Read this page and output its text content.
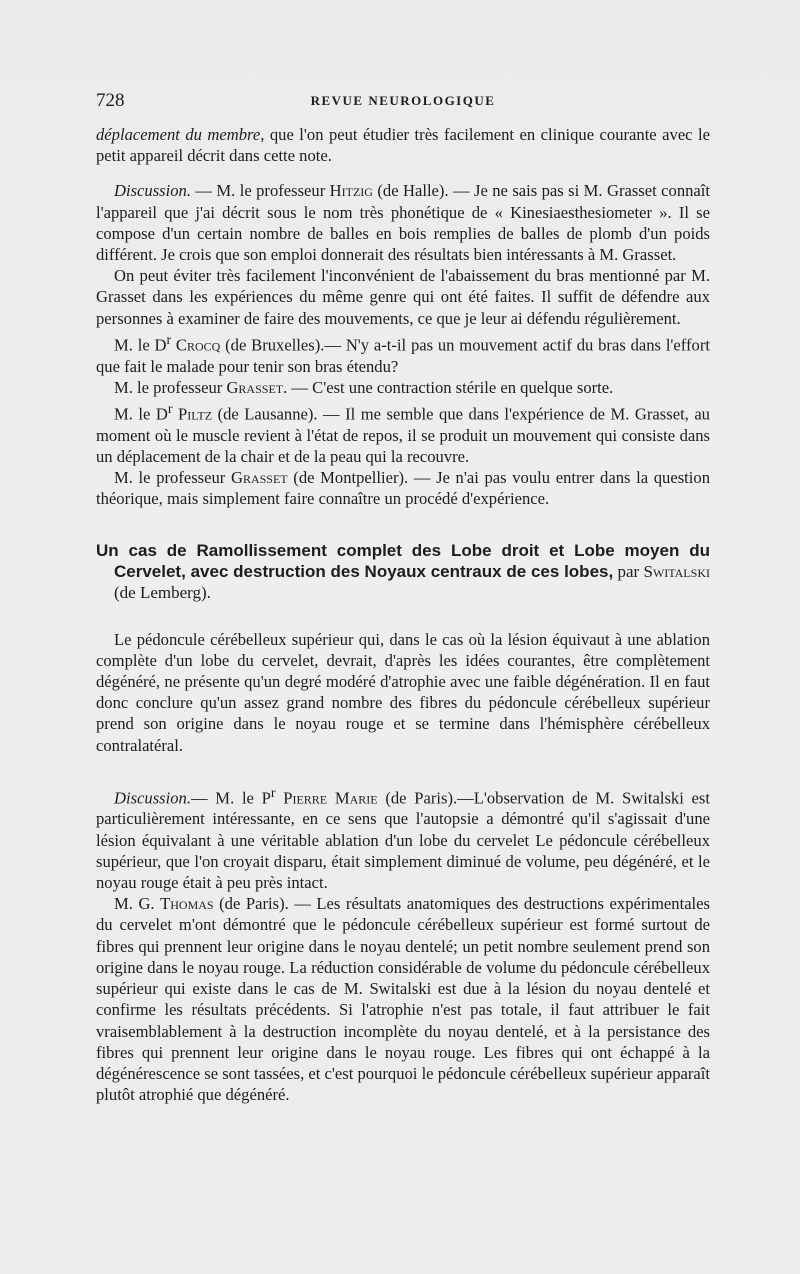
728	REVUE NEUROLOGIQUE

déplacement du membre, que l'on peut étudier très facilement en clinique courante avec le petit appareil décrit dans cette note.

Discussion. — M. le professeur Hitzig (de Halle). — Je ne sais pas si M. Grasset connaît l'appareil que j'ai décrit sous le nom très phonétique de « Kinesiaesthesiometer ». Il se compose d'un certain nombre de balles en bois remplies de balles de plomb d'un poids différent. Je crois que son emploi donnerait des résultats bien intéressants à M. Grasset.

On peut éviter très facilement l'inconvénient de l'abaissement du bras mentionné par M. Grasset dans les expériences du même genre qui ont été faites. Il suffit de défendre aux personnes à examiner de faire des mouvements, ce que je leur ai défendu régulièrement.

M. le $D^r$ Crocq (de Bruxelles).— N'y a-t-il pas un mouvement actif du bras dans l'effort que fait le malade pour tenir son bras étendu?

M. le professeur Grasset. — C'est une contraction stérile en quelque sorte.

M. le $D^r$ Piltz (de Lausanne). — Il me semble que dans l'expérience de M. Grasset, au moment où le muscle revient à l'état de repos, il se produit un mouvement qui consiste dans un déplacement de la chair et de la peau qui la recouvre.

M. le professeur Grasset (de Montpellier). — Je n'ai pas voulu entrer dans la question théorique, mais simplement faire connaître un procédé d'expérience.

Un cas de Ramollissement complet des Lobe droit et Lobe moyen du Cervelet, avec destruction des Noyaux centraux de ces lobes, par Switalski (de Lemberg).

Le pédoncule cérébelleux supérieur qui, dans le cas où la lésion équivaut à une ablation complète d'un lobe du cervelet, devrait, d'après les idées courantes, être complètement dégénéré, ne présente qu'un degré modéré d'atrophie avec une faible dégénération. Il en faut donc conclure qu'un assez grand nombre des fibres du pédoncule cérébelleux supérieur prend son origine dans le noyau rouge et se termine dans l'hémisphère cérébelleux contralatéral.

Discussion.— M. le $P^r$ Pierre Marie (de Paris).—L'observation de M. Switalski est particulièrement intéressante, en ce sens que l'autopsie a démontré qu'il s'agissait d'une lésion équivalant à une véritable ablation d'un lobe du cervelet Le pédoncule cérébelleux supérieur, que l'on croyait disparu, était simplement diminué de volume, peu dégénéré, et le noyau rouge était à peu près intact.

M. G. Thomas (de Paris). — Les résultats anatomiques des destructions expérimentales du cervelet m'ont démontré que le pédoncule cérébelleux supérieur est formé surtout de fibres qui prennent leur origine dans le noyau dentelé; un petit nombre seulement prend son origine dans le noyau rouge. La réduction considérable de volume du pédoncule cérébelleux supérieur qui existe dans le cas de M. Switalski est due à la lésion du noyau dentelé et confirme les résultats précédents. Si l'atrophie n'est pas totale, il faut attribuer le fait vraisemblablement à la destruction incomplète du noyau dentelé, et à la persistance des fibres qui prennent leur origine dans le noyau rouge. Les fibres qui ont échappé à la dégénérescence se sont tassées, et c'est pourquoi le pédoncule cérébelleux supérieur apparaît plutôt atrophié que dégénéré.
